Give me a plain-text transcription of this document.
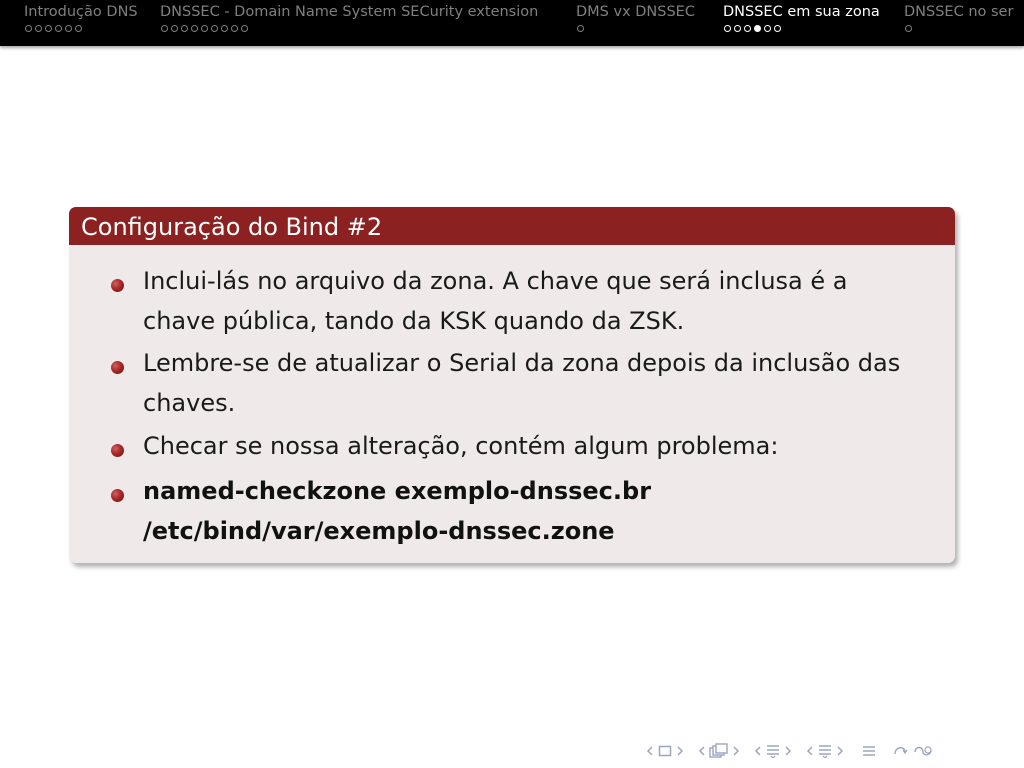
Introdução DNS DNSSEC - Domain Name System SECurity extension	DMS vx DNSSEC DNSSEC em sua zona DNSSEC no ser
Configuração do Bind #2
Inclui-lás no arquivo da zona. A chave que será inclusa é a
chave pública, tando da KSK quando da ZSK.
Lembre-se de atualizar o Serial da zona depois da inclusão das
chaves.
Checar se nossa alteração, contém algum problema:
named-checkzone exemplo-dnssec.br
/etc/bind/var/exemplo-dnssec.zone
